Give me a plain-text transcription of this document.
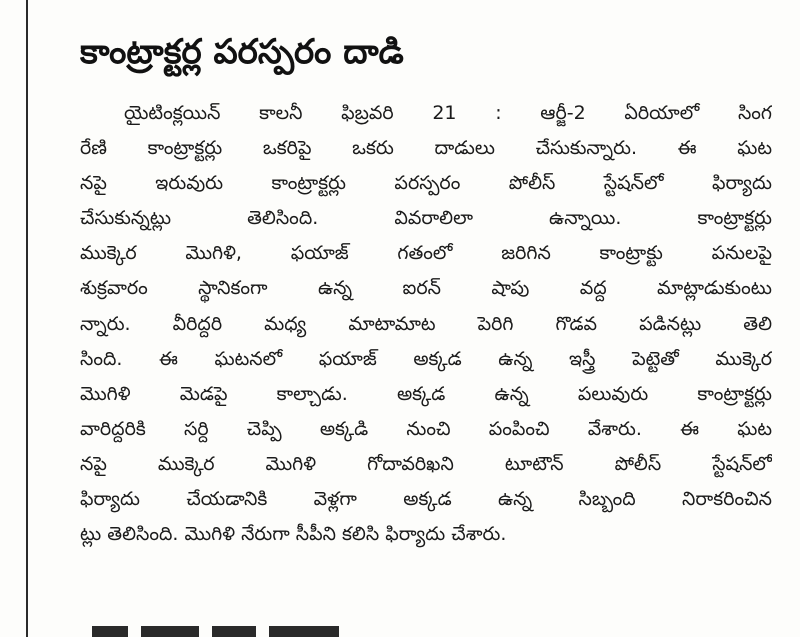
కాంట్రాక్టర్ల పరస్పరం దాడి
యైటింక్లయిన్ కాలనీ ఫిబ్రవరి 21 : ఆర్జీ-2 ఏరియాలో సింగ
రేణి కాంట్రాక్టర్లు ఒకరిపై ఒకరు దాడులు చేసుకున్నారు. ఈ ఘట
నపై ఇరువురు కాంట్రాక్టర్లు పరస్పరం పోలీస్ స్టేషన్‌లో ఫిర్యాదు
చేసుకున్నట్లు తెలిసింది. వివరాలిలా ఉన్నాయి. కాంట్రాక్టర్లు
ముక్కెర మొగిళి, ఫయాజ్ గతంలో జరిగిన కాంట్రాక్టు పనులపై
శుక్రవారం స్థానికంగా ఉన్న ఐరన్ షాపు వద్ద మాట్లాడుకుంటు
న్నారు. వీరిద్దరి మధ్య మాటామాట పెరిగి గొడవ పడినట్లు తెలి
సింది. ఈ ఘటనలో ఫయాజ్ అక్కడ ఉన్న ఇస్త్రీ పెట్టెతో ముక్కెర
మొగిళి మెడపై కాల్చాడు. అక్కడ ఉన్న పలువురు కాంట్రాక్టర్లు
వారిద్దరికి సర్ది చెప్పి అక్కడి నుంచి పంపించి వేశారు. ఈ ఘట
నపై ముక్కెర మొగిళి గోదావరిఖని టూటౌన్ పోలీస్ స్టేషన్‌లో
ఫిర్యాదు చేయడానికి వెళ్లగా అక్కడ ఉన్న సిబ్బంది నిరాకరించిన
ట్లు తెలిసింది. మొగిళి నేరుగా సీపీని కలిసి ఫిర్యాదు చేశారు.
